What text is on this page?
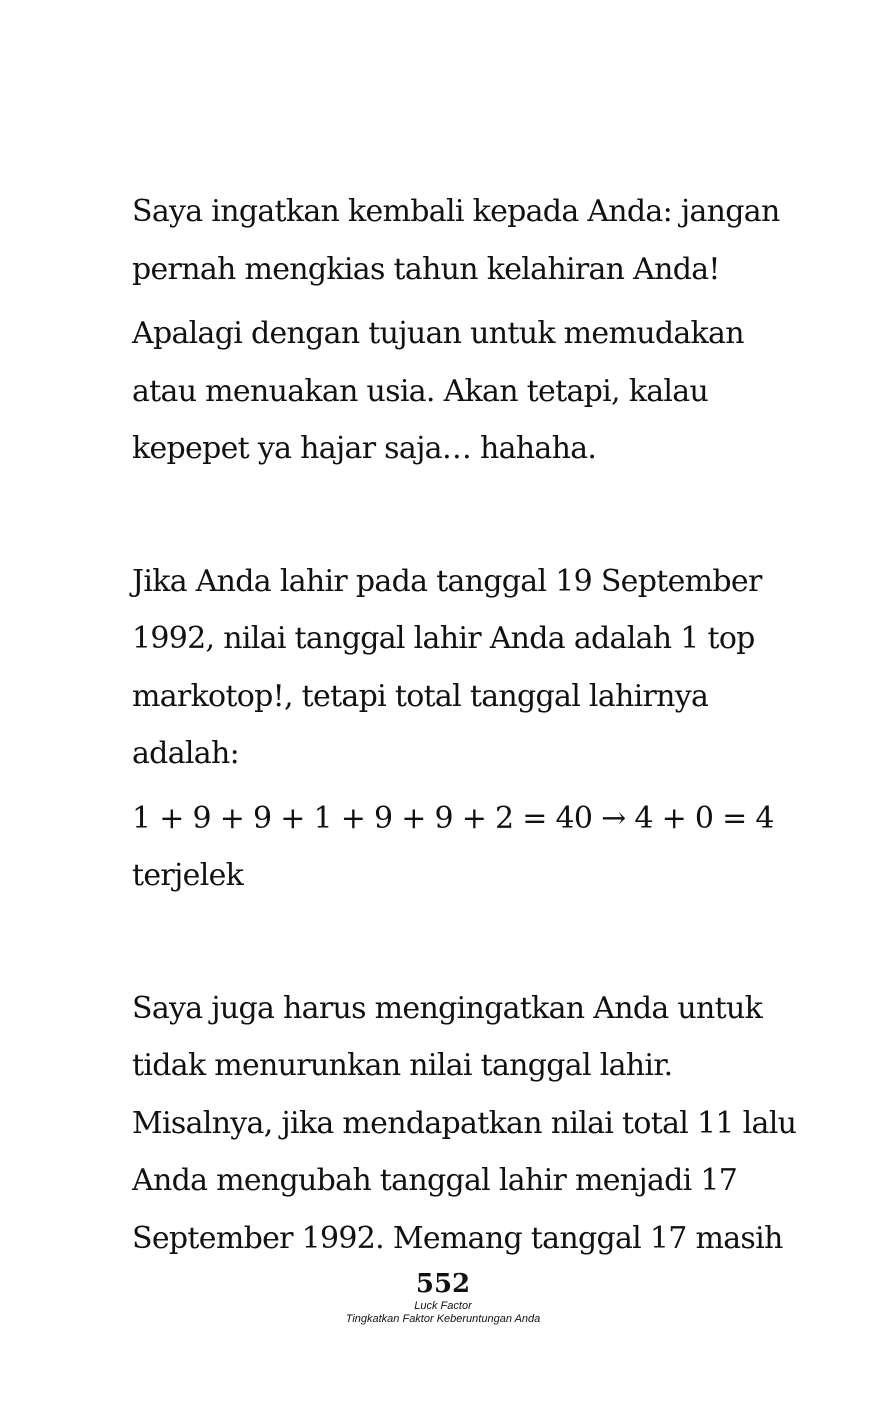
Saya ingatkan kembali kepada Anda: jangan
pernah mengkias tahun kelahiran Anda!
Apalagi dengan tujuan untuk memudakan
atau menuakan usia. Akan tetapi, kalau
kepepet ya hajar saja… hahaha.
Jika Anda lahir pada tanggal 19 September
1992, nilai tanggal lahir Anda adalah 1 top
markotop!, tetapi total tanggal lahirnya
adalah:
1 + 9 + 9 + 1 + 9 + 9 + 2 = 40 → 4 + 0 = 4
terjelek
Saya juga harus mengingatkan Anda untuk
tidak menurunkan nilai tanggal lahir.
Misalnya, jika mendapatkan nilai total 11 lalu
Anda mengubah tanggal lahir menjadi 17
September 1992. Memang tanggal 17 masih
552
Luck Factor
Tingkatkan Faktor Keberuntungan Anda
